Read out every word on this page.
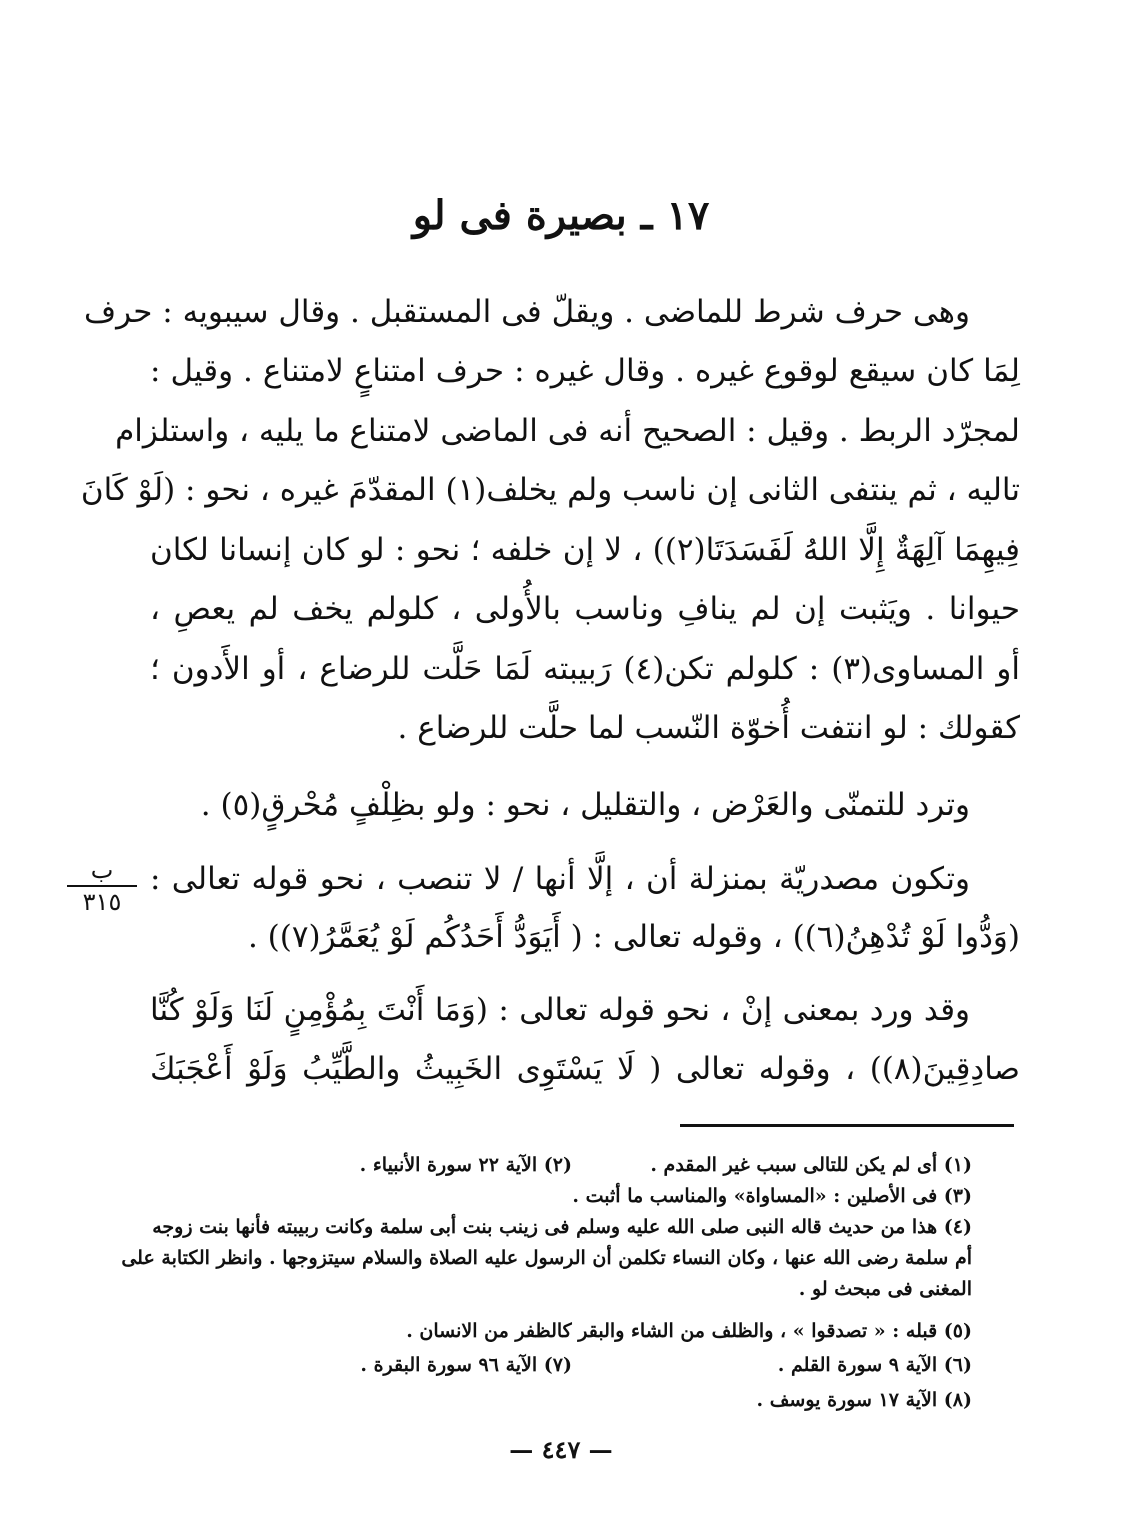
١٧ ـ بصيرة فى لو
وهى حرف شرط للماضى . ويقلّ فى المستقبل . وقال سيبويه : حرف
لِمَا كان سيقع لوقوع غيره . وقال غيره : حرف امتناعٍ لامتناع . وقيل :
لمجرّد الربط . وقيل : الصحيح أنه فى الماضى لامتناع ما يليه ، واستلزام
تاليه ، ثم ينتفى الثانى إن ناسب ولم يخلف(١) المقدّمَ غيره ، نحو : (لَوْ كَانَ
فِيهِمَا آلِهَةٌ إِلَّا اللهُ لَفَسَدَتَا(٢)) ، لا إن خلفه ؛ نحو : لو كان إنسانا لكان
حيوانا . ويَثبت إن لم ينافِ وناسب بالأُولى ، كلولم يخف لم يعصِ ،
أو المساوى(٣) : كلولم تكن(٤) رَبيبته لَمَا حَلَّت للرضاع ، أو الأَدون ؛
كقولك : لو انتفت أُخوّة النّسب لما حلَّت للرضاع .
وترد للتمنّى والعَرْض ، والتقليل ، نحو : ولو بظِلْفٍ مُحْرقٍ(٥) .
وتكون مصدريّة بمنزلة أن ، إلَّا أنها / لا تنصب ، نحو قوله تعالى :
(وَدُّوا لَوْ تُدْهِنُ(٦)) ، وقوله تعالى : ( أَيَوَدُّ أَحَدُكُم لَوْ يُعَمَّرُ(٧)) .
وقد ورد بمعنى إنْ ، نحو قوله تعالى : (وَمَا أَنْتَ بِمُؤْمِنٍ لَنَا وَلَوْ كُنَّا
صادِقِينَ(٨)) ، وقوله تعالى ( لَا يَسْتَوِى الخَبِيثُ والطَّيِّبُ وَلَوْ أَعْجَبَكَ
ب
٣١٥
(١) أى لم يكن للتالى سبب غير المقدم .
(٢) الآية ٢٢ سورة الأنبياء .
(٣) فى الأصلين : «المساواة» والمناسب ما أثبت .
(٤) هذا من حديث قاله النبى صلى الله عليه وسلم فى زينب بنت أبى سلمة وكانت ربيبته فأنها بنت زوجه
أم سلمة رضى الله عنها ، وكان النساء تكلمن أن الرسول عليه الصلاة والسلام سيتزوجها . وانظر الكتابة على
المغنى فى مبحث لو .
(٥) قبله : « تصدقوا » ، والظلف من الشاء والبقر كالظفر من الانسان .
(٦) الآية ٩ سورة القلم .
(٧) الآية ٩٦ سورة البقرة .
(٨) الآية ١٧ سورة يوسف .
— ٤٤٧ —
